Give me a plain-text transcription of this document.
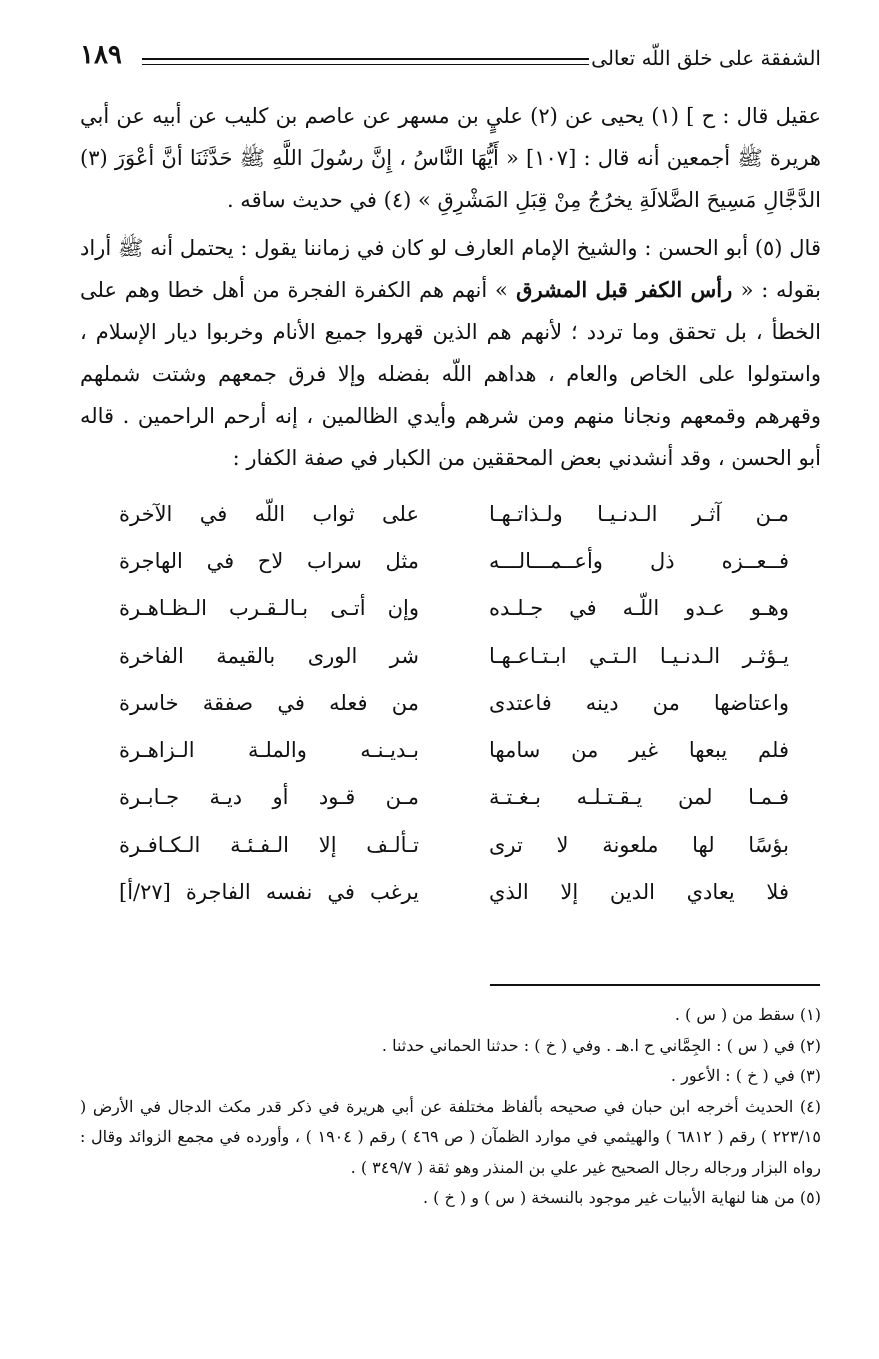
الشفقة على خلق اللّه تعالى
١٨٩

عقيل قال : ح ] (١) يحيى عن (٢) عليٍ بن مسهر عن عاصم بن كليب عن أبيه عن أبي هريرة ﷺ أجمعين أنه قال : [١٠٧] « أَيُّهَا النَّاسُ ، إِنَّ رسُولَ اللَّهِ ﷺ حَدَّثَنَا أنَّ أعْوَرَ (٣) الدَّجَّالِ مَسِيحَ الضَّلالَةِ يخرُجُ مِنْ قِبَلِ المَشْرِقِ » (٤) في حديث ساقه .

قال (٥) أبو الحسن : والشيخ الإمام العارف لو كان في زماننا يقول : يحتمل أنه ﷺ أراد بقوله : « رأس الكفر قبل المشرق » أنهم هم الكفرة الفجرة من أهل خطا وهم على الخطأ ، بل تحقق وما تردد ؛ لأنهم هم الذين قهروا جميع الأنام وخربوا ديار الإسلام ، واستولوا على الخاص والعام ، هداهم اللّه بفضله وإلا فرق جمعهم وشتت شملهم وقهرهم وقمعهم ونجانا منهم ومن شرهم وأيدي الظالمين ، إنه أرحم الراحمين . قاله أبو الحسن ، وقد أنشدني بعض المحققين من الكبار في صفة الكفار :

مـن آثـر الـدنـيـا ولـذاتـهـا
على ثواب اللّه في الآخرة
فــعــزه ذل وأعــمـــالـــه
مثل سراب لاح في الهاجرة
وهـو عـدو اللّـه في جـلـده
وإن أتـى بـالـقـرب الـظـاهـرة
يـؤثـر الـدنـيـا الـتـي ابـتـاعـهـا
شر الورى بالقيمة الفاخرة
واعتاضها من دينه فاعتدى
من فعله في صفقة خاسرة
فلم يبعها غير من سامها
بـديـنـه والملـة الـزاهـرة
فـمـا لمن يـقـتـلـه بـغـتـة
مـن قـود أو ديـة جـابـرة
بؤسًا لها ملعونة لا ترى
تـألـف إلا الـفـئـة الـكـافـرة
فلا يعادي الدين إلا الذي
يرغب في نفسه الفاجرة [٢٧/أ]

(١) سقط من ( س ) .

(٢) في ( س ) : الجِمَّاني ح ا.هـ . وفي ( خ ) : حدثنا الحماني حدثنا .

(٣) في ( خ ) : الأعور .

(٤) الحديث أخرجه ابن حبان في صحيحه بألفاظ مختلفة عن أبي هريرة في ذكر قدر مكث الدجال في الأرض ( ٢٢٣/١٥ ) رقم ( ٦٨١٢ ) والهيثمي في موارد الظمآن ( ص ٤٦٩ ) رقم ( ١٩٠٤ ) ، وأورده في مجمع الزوائد وقال : رواه البزار ورجاله رجال الصحيح غير علي بن المنذر وهو ثقة ( ٣٤٩/٧ ) .

(٥) من هنا لنهاية الأبيات غير موجود بالنسخة ( س ) و ( خ ) .
